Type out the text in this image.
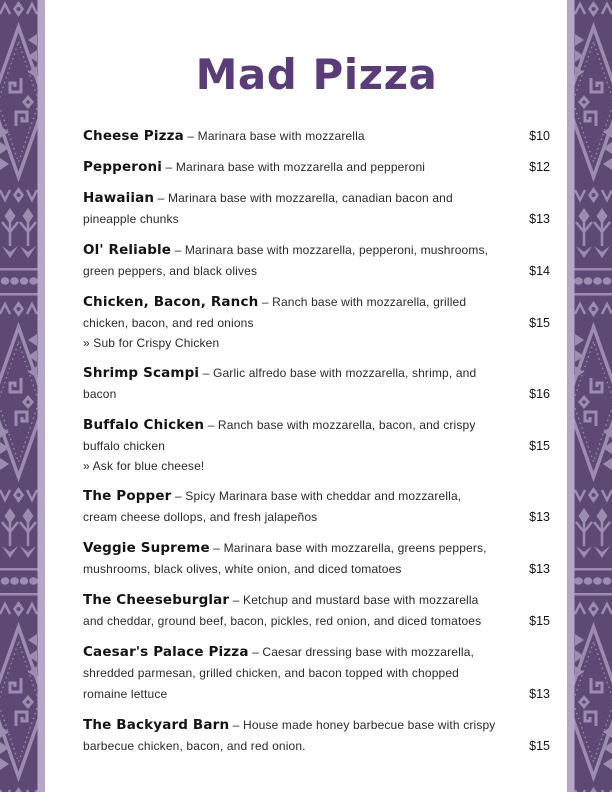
Mad Pizza
Cheese Pizza – Marinara base with mozzarella	$10
Pepperoni – Marinara base with mozzarella and pepperoni	$12
Hawaiian – Marinara base with mozzarella, canadian bacon and pineapple chunks	$13
Ol' Reliable – Marinara base with mozzarella, pepperoni, mushrooms, green peppers, and black olives	$14
Chicken, Bacon, Ranch – Ranch base with mozzarella, grilled chicken, bacon, and red onions	$15
» Sub for Crispy Chicken
Shrimp Scampi – Garlic alfredo base with mozzarella, shrimp, and bacon	$16
Buffalo Chicken – Ranch base with mozzarella, bacon, and crispy buffalo chicken	$15
» Ask for blue cheese!
The Popper – Spicy Marinara base with cheddar and mozzarella, cream cheese dollops, and fresh jalapeños	$13
Veggie Supreme – Marinara base with mozzarella, greens peppers, mushrooms, black olives, white onion, and diced tomatoes	$13
The Cheeseburglar – Ketchup and mustard base with mozzarella and cheddar, ground beef, bacon, pickles, red onion, and diced tomatoes	$15
Caesar's Palace Pizza – Caesar dressing base with mozzarella, shredded parmesan, grilled chicken, and bacon topped with chopped romaine lettuce	$13
The Backyard Barn – House made honey barbecue base with crispy barbecue chicken, bacon, and red onion.	$15
